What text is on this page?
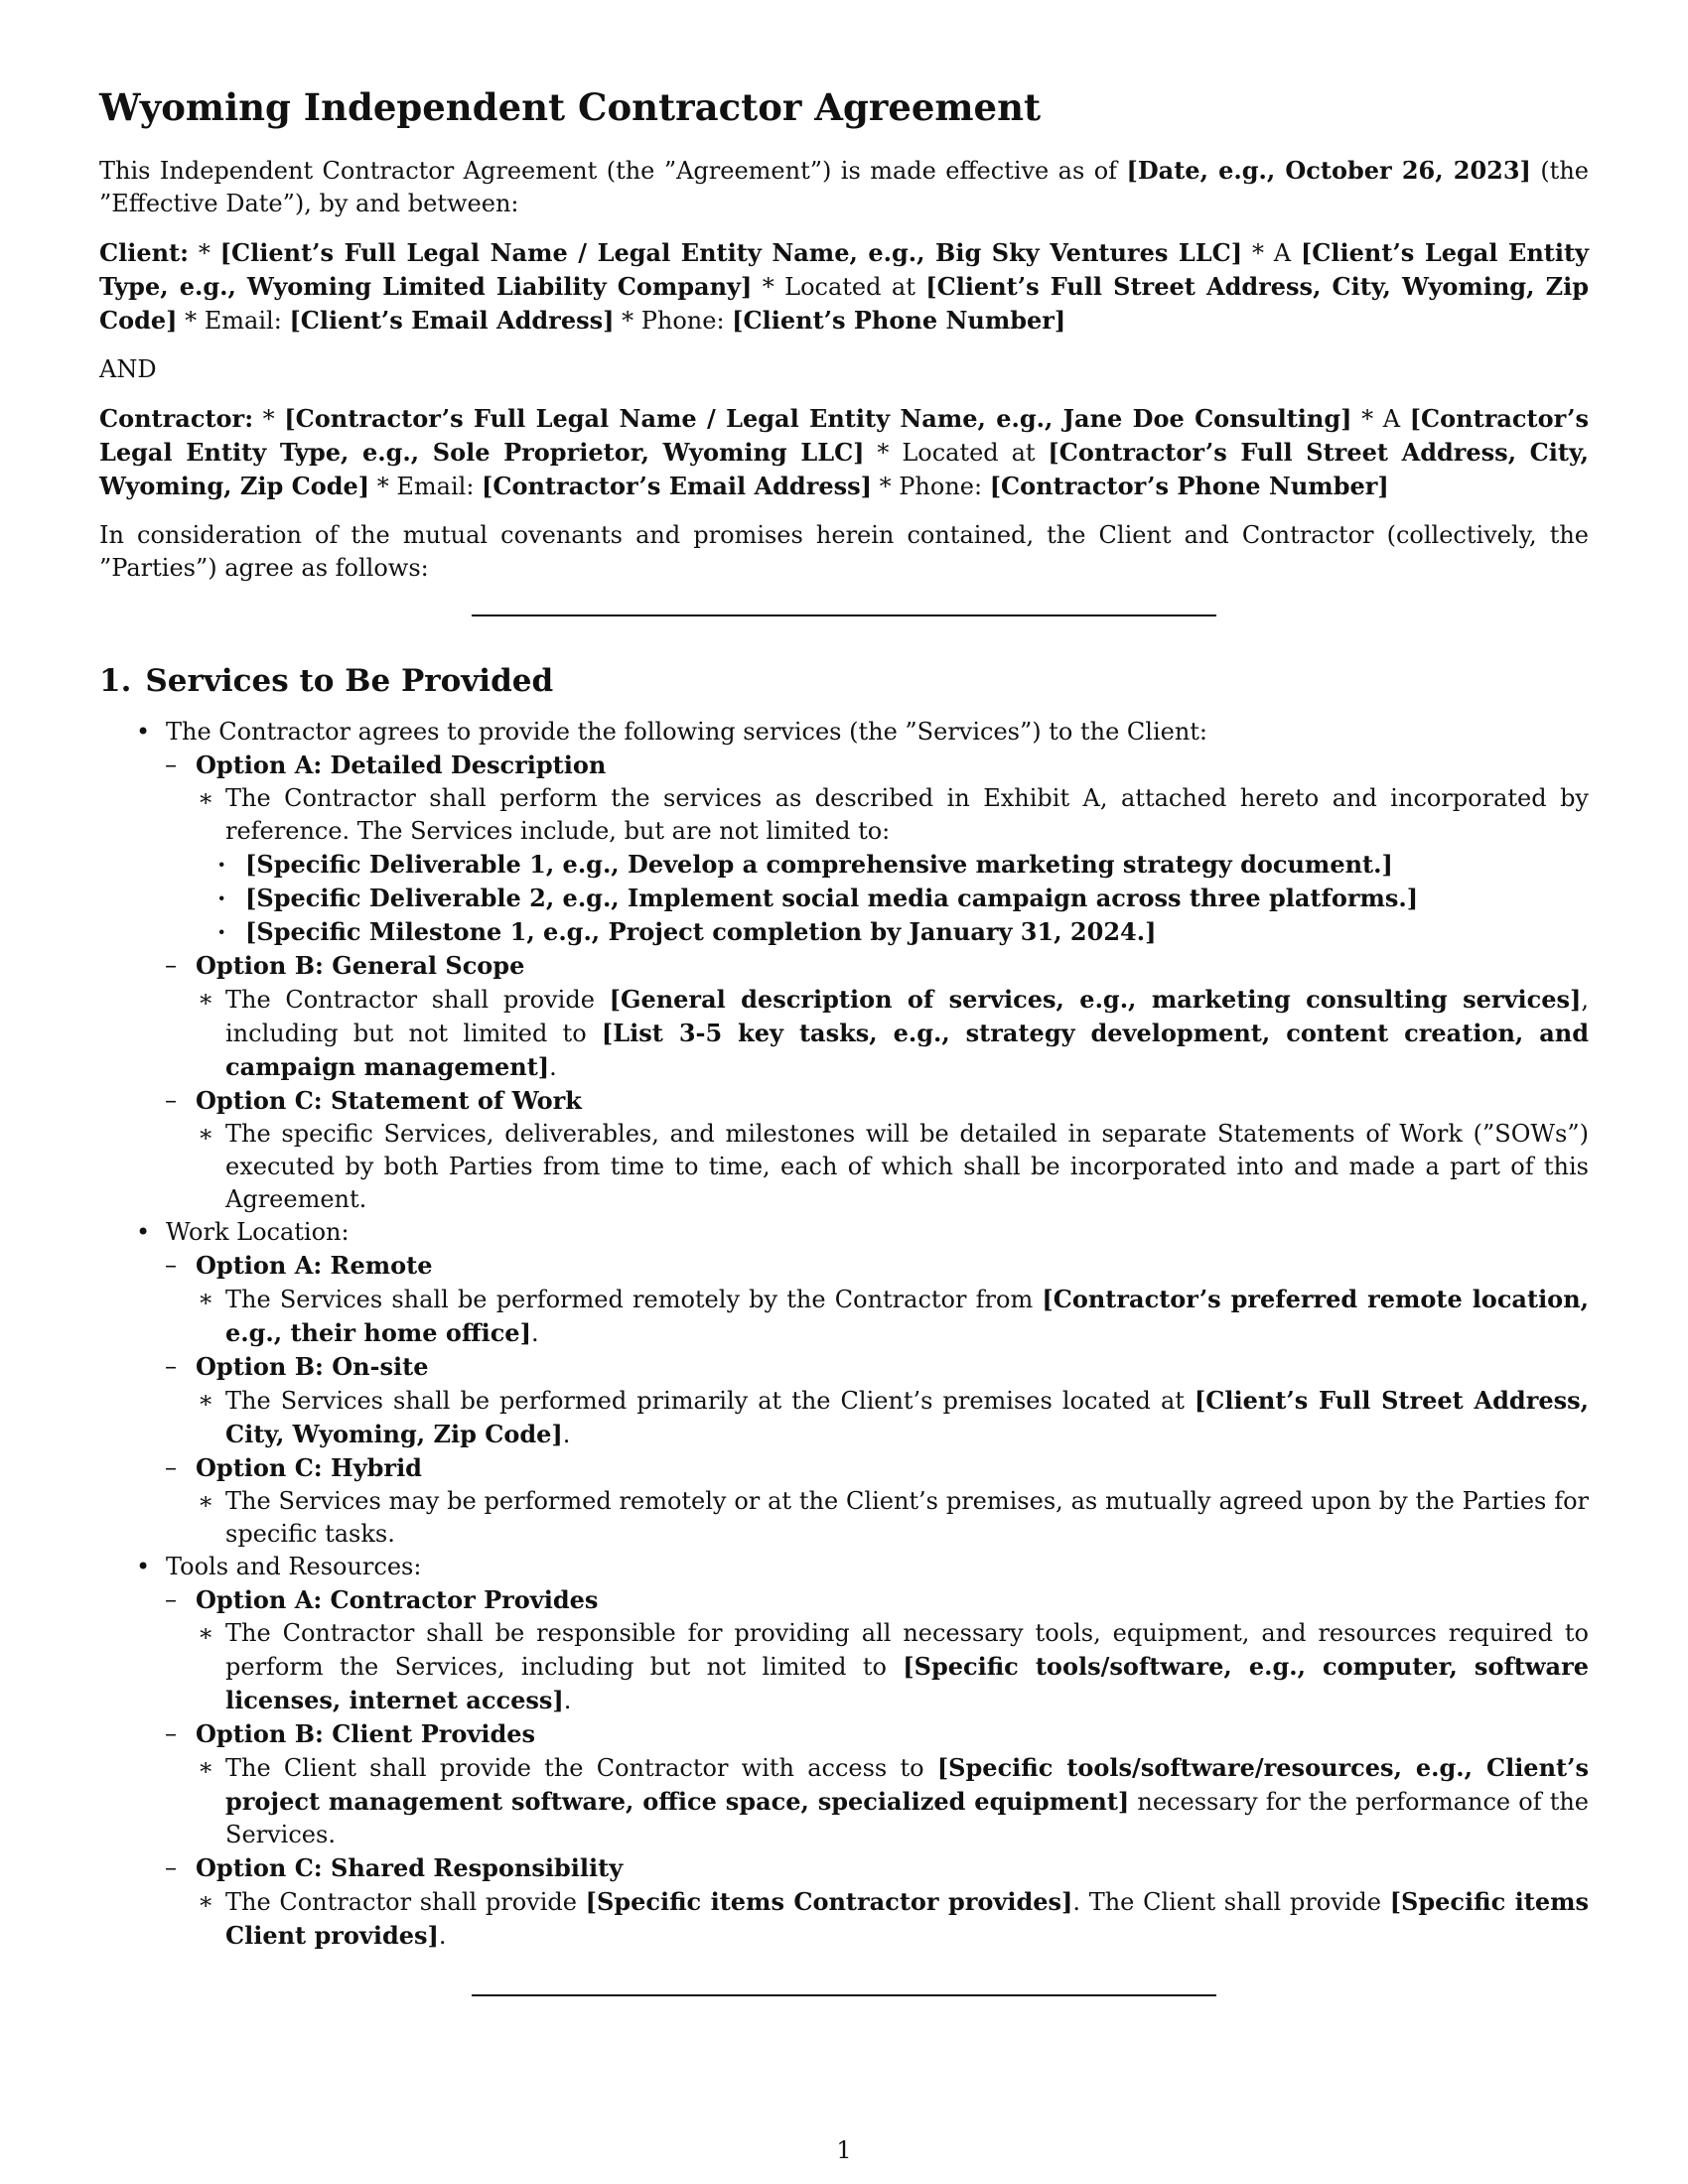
Wyoming Independent Contractor Agreement

This Independent Contractor Agreement (the ”Agreement”) is made effective as of [Date, e.g., October 26, 2023] (the ”Effective Date”), by and between:

Client: * [Client’s Full Legal Name / Legal Entity Name, e.g., Big Sky Ventures LLC] * A [Client’s Legal Entity Type, e.g., Wyoming Limited Liability Company] * Located at [Client’s Full Street Address, City, Wyoming, Zip Code] * Email: [Client’s Email Address] * Phone: [Client’s Phone Number]

AND

Contractor: * [Contractor’s Full Legal Name / Legal Entity Name, e.g., Jane Doe Consulting] * A [Contractor’s Legal Entity Type, e.g., Sole Proprietor, Wyoming LLC] * Located at [Contractor’s Full Street Address, City, Wyoming, Zip Code] * Email: [Contractor’s Email Address] * Phone: [Contractor’s Phone Number]

In consideration of the mutual covenants and promises herein contained, the Client and Contractor (collectively, the ”Parties”) agree as follows:

1. Services to Be Provided
• The Contractor agrees to provide the following services (the ”Services”) to the Client:
– Option A: Detailed Description
∗ The Contractor shall perform the services as described in Exhibit A, attached hereto and incorporated by reference. The Services include, but are not limited to:
· [Specific Deliverable 1, e.g., Develop a comprehensive marketing strategy document.]
· [Specific Deliverable 2, e.g., Implement social media campaign across three platforms.]
· [Specific Milestone 1, e.g., Project completion by January 31, 2024.]
– Option B: General Scope
∗ The Contractor shall provide [General description of services, e.g., marketing consulting services], including but not limited to [List 3-5 key tasks, e.g., strategy development, content creation, and campaign management].
– Option C: Statement of Work
∗ The specific Services, deliverables, and milestones will be detailed in separate Statements of Work (”SOWs”) executed by both Parties from time to time, each of which shall be incorporated into and made a part of this Agreement.
• Work Location:
– Option A: Remote
∗ The Services shall be performed remotely by the Contractor from [Contractor’s preferred remote location, e.g., their home office].
– Option B: On-site
∗ The Services shall be performed primarily at the Client’s premises located at [Client’s Full Street Address, City, Wyoming, Zip Code].
– Option C: Hybrid
∗ The Services may be performed remotely or at the Client’s premises, as mutually agreed upon by the Parties for specific tasks.
• Tools and Resources:
– Option A: Contractor Provides
∗ The Contractor shall be responsible for providing all necessary tools, equipment, and resources required to perform the Services, including but not limited to [Specific tools/software, e.g., computer, software licenses, internet access].
– Option B: Client Provides
∗ The Client shall provide the Contractor with access to [Specific tools/software/resources, e.g., Client’s project management software, office space, specialized equipment] necessary for the performance of the Services.
– Option C: Shared Responsibility
∗ The Contractor shall provide [Specific items Contractor provides]. The Client shall provide [Specific items Client provides].
1
